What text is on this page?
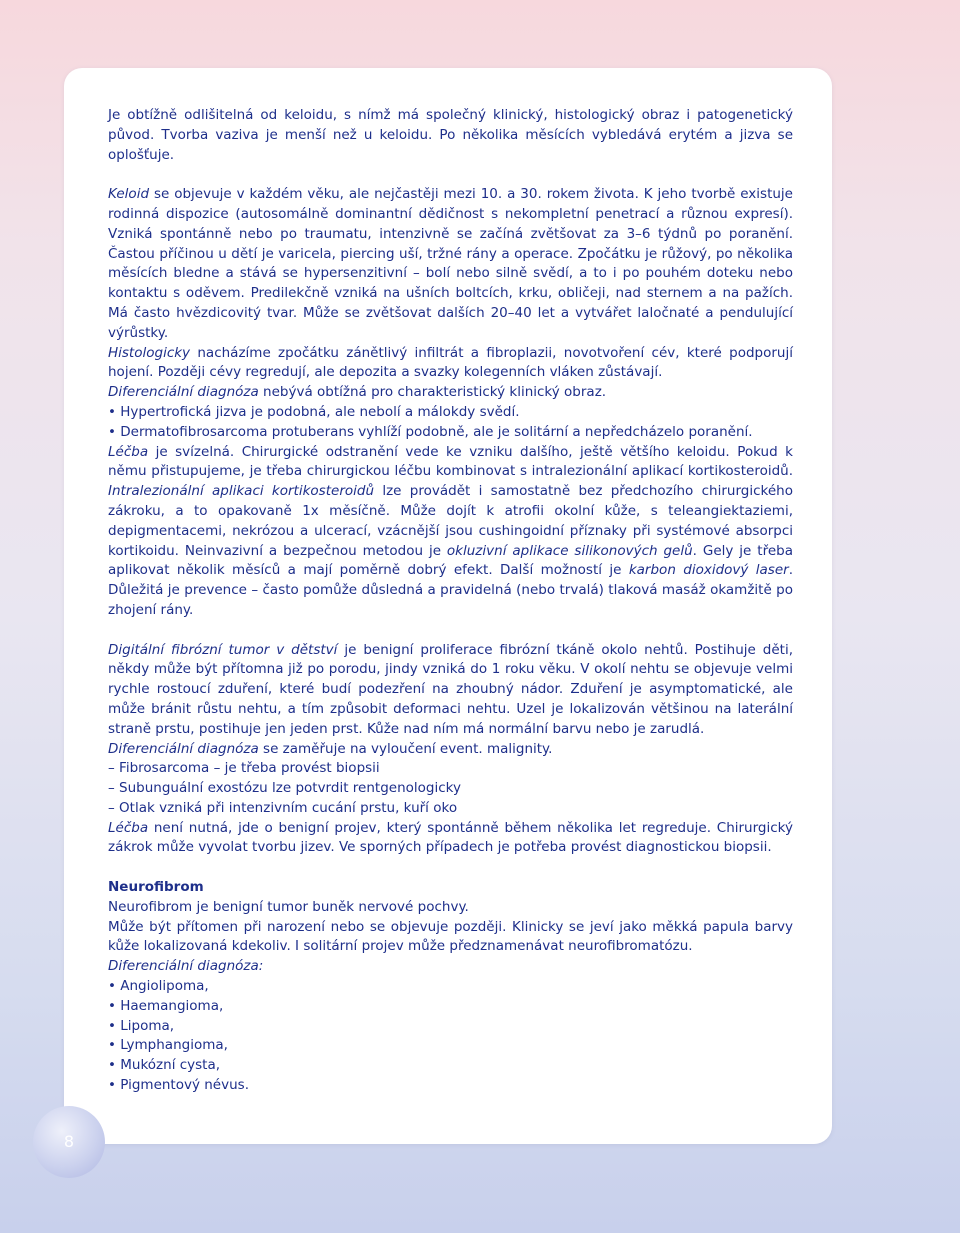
Je obtížně odlišitelná od keloidu, s nímž má společný klinický, histologický obraz i patogenetický původ. Tvorba vaziva je menší než u keloidu. Po několika měsících vybledává erytém a jizva se oplošťuje.

Keloid se objevuje v každém věku, ale nejčastěji mezi 10. a 30. rokem života. K jeho tvorbě existuje rodinná dispozice (autosomálně dominantní dědičnost s nekompletní penetrací a různou expresí). Vzniká spontánně nebo po traumatu, intenzivně se začíná zvětšovat za 3–6 týdnů po poranění. Častou příčinou u dětí je varicela, piercing uší, tržné rány a operace. Zpočátku je růžový, po několika měsících bledne a stává se hypersenzitivní – bolí nebo silně svědí, a to i po pouhém doteku nebo kontaktu s oděvem. Predilekčně vzniká na ušních boltcích, krku, obličeji, nad sternem a na pažích. Má často hvězdicovitý tvar. Může se zvětšovat dalších 20–40 let a vytvářet laločnaté a pendulující výrůstky.

Histologicky nacházíme zpočátku zánětlivý infiltrát a fibroplazii, novotvoření cév, které podporují hojení. Později cévy regredují, ale depozita a svazky kolegenních vláken zůstávají.

Diferenciální diagnóza nebývá obtížná pro charakteristický klinický obraz.

• Hypertrofická jizva je podobná, ale nebolí a málokdy svědí.

• Dermatofibrosarcoma protuberans vyhlíží podobně, ale je solitární a nepředcházelo poranění.

Léčba je svízelná. Chirurgické odstranění vede ke vzniku dalšího, ještě většího keloidu. Pokud k němu přistupujeme, je třeba chirurgickou léčbu kombinovat s intralezionální aplikací kortikosteroidů. Intralezionální aplikaci kortikosteroidů lze provádět i samostatně bez předchozího chirurgického zákroku, a to opakovaně 1x měsíčně. Může dojít k atrofii okolní kůže, s teleangiektaziemi, depigmentacemi, nekrózou a ulcerací, vzácnější jsou cushingoidní příznaky při systémové absorpci kortikoidu. Neinvazivní a bezpečnou metodou je okluzivní aplikace silikonových gelů. Gely je třeba aplikovat několik měsíců a mají poměrně dobrý efekt. Další možností je karbon dioxidový laser. Důležitá je prevence – často pomůže důsledná a pravidelná (nebo trvalá) tlaková masáž okamžitě po zhojení rány.

Digitální fibrózní tumor v dětství je benigní proliferace fibrózní tkáně okolo nehtů. Postihuje děti, někdy může být přítomna již po porodu, jindy vzniká do 1 roku věku. V okolí nehtu se objevuje velmi rychle rostoucí zduření, které budí podezření na zhoubný nádor. Zduření je asymptomatické, ale může bránit růstu nehtu, a tím způsobit deformaci nehtu. Uzel je lokalizován většinou na laterální straně prstu, postihuje jen jeden prst. Kůže nad ním má normální barvu nebo je zarudlá.

Diferenciální diagnóza se zaměřuje na vyloučení event. malignity.

– Fibrosarcoma – je třeba provést biopsii

– Subunguální exostózu lze potvrdit rentgenologicky

– Otlak vzniká při intenzivním cucání prstu, kuří oko

Léčba není nutná, jde o benigní projev, který spontánně během několika let regreduje. Chirurgický zákrok může vyvolat tvorbu jizev. Ve sporných případech je potřeba provést diagnostickou biopsii.

Neurofibrom

Neurofibrom je benigní tumor buněk nervové pochvy.

Může být přítomen při narození nebo se objevuje později. Klinicky se jeví jako měkká papula barvy kůže lokalizovaná kdekoliv. I solitární projev může předznamenávat neurofibromatózu.

Diferenciální diagnóza:

• Angiolipoma,

• Haemangioma,

• Lipoma,

• Lymphangioma,

• Mukózní cysta,

• Pigmentový névus.

8
